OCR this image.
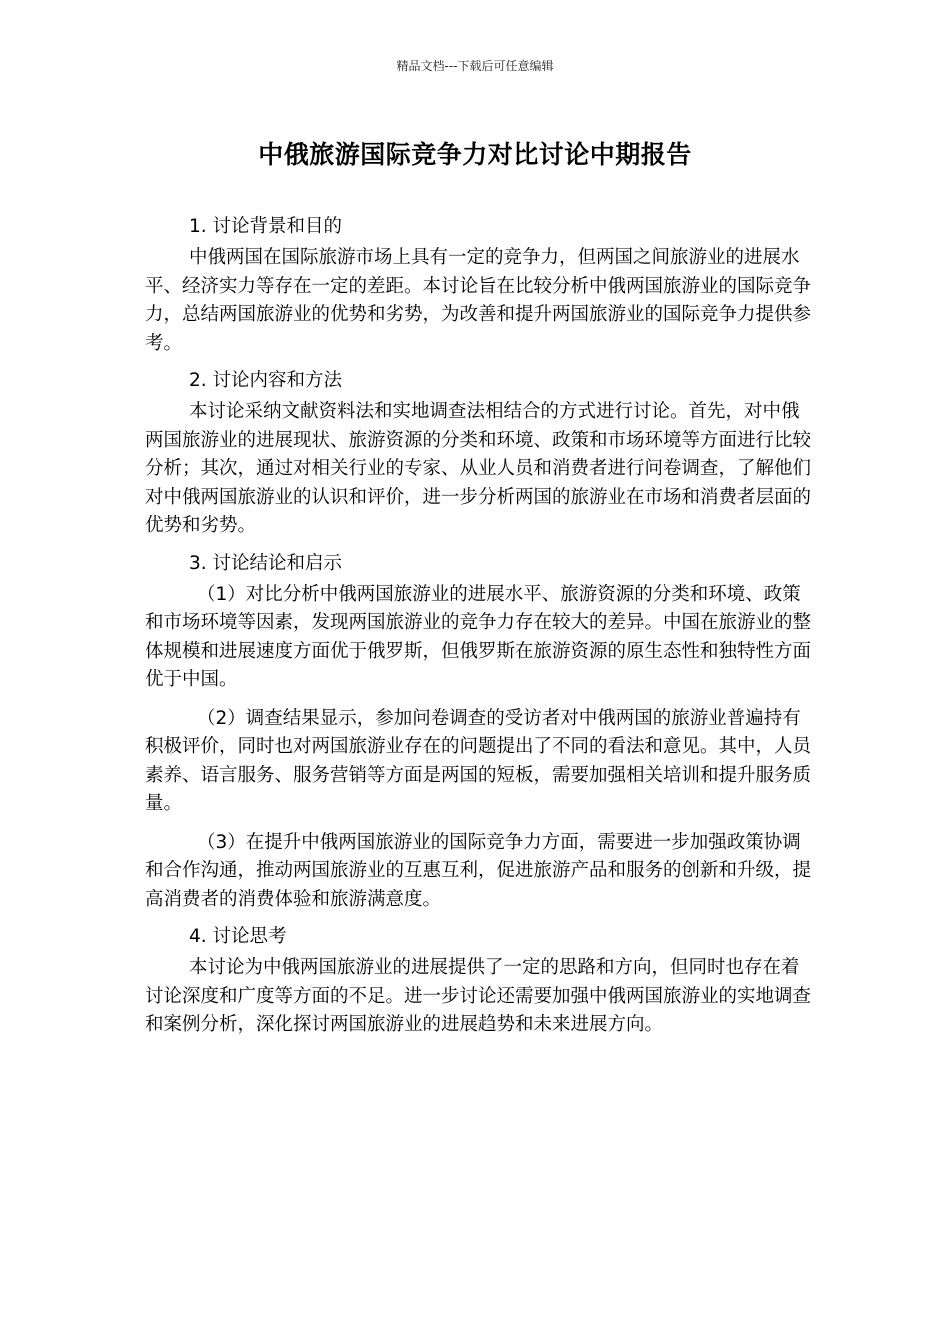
精品文档---下载后可任意编辑
中俄旅游国际竞争力对比讨论中期报告

1. 讨论背景和目的

中俄两国在国际旅游市场上具有一定的竞争力，但两国之间旅游业的进展水平、经济实力等存在一定的差距。本讨论旨在比较分析中俄两国旅游业的国际竞争力，总结两国旅游业的优势和劣势，为改善和提升两国旅游业的国际竞争力提供参考。

2. 讨论内容和方法

本讨论采纳文献资料法和实地调查法相结合的方式进行讨论。首先，对中俄两国旅游业的进展现状、旅游资源的分类和环境、政策和市场环境等方面进行比较分析；其次，通过对相关行业的专家、从业人员和消费者进行问卷调查，了解他们对中俄两国旅游业的认识和评价，进一步分析两国的旅游业在市场和消费者层面的优势和劣势。

3. 讨论结论和启示

（1）对比分析中俄两国旅游业的进展水平、旅游资源的分类和环境、政策和市场环境等因素，发现两国旅游业的竞争力存在较大的差异。中国在旅游业的整体规模和进展速度方面优于俄罗斯，但俄罗斯在旅游资源的原生态性和独特性方面优于中国。

（2）调查结果显示，参加问卷调查的受访者对中俄两国的旅游业普遍持有积极评价，同时也对两国旅游业存在的问题提出了不同的看法和意见。其中，人员素养、语言服务、服务营销等方面是两国的短板，需要加强相关培训和提升服务质量。

（3）在提升中俄两国旅游业的国际竞争力方面，需要进一步加强政策协调和合作沟通，推动两国旅游业的互惠互利，促进旅游产品和服务的创新和升级，提高消费者的消费体验和旅游满意度。

4. 讨论思考

本讨论为中俄两国旅游业的进展提供了一定的思路和方向，但同时也存在着讨论深度和广度等方面的不足。进一步讨论还需要加强中俄两国旅游业的实地调查和案例分析，深化探讨两国旅游业的进展趋势和未来进展方向。
